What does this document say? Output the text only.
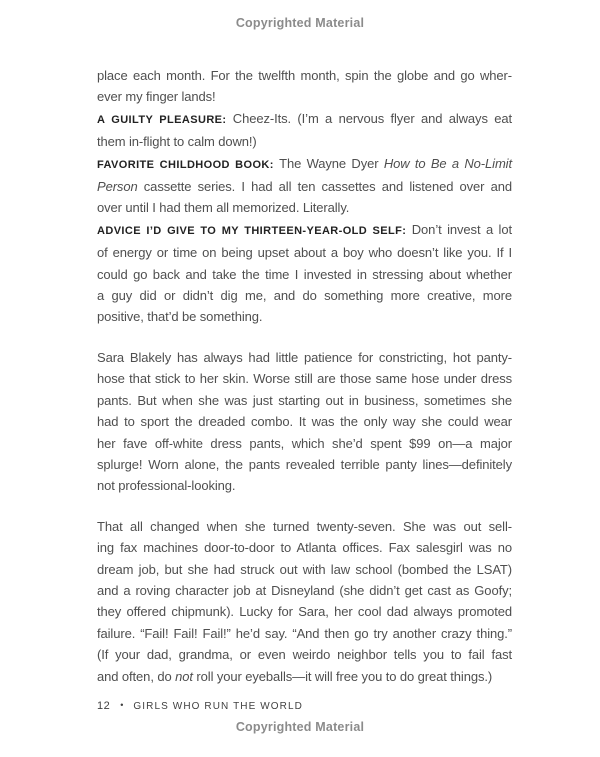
Copyrighted Material
place each month. For the twelfth month, spin the globe and go wher-
ever my finger lands!
A GUILTY PLEASURE: Cheez-Its. (I’m a nervous flyer and always eat
them in-flight to calm down!)
FAVORITE CHILDHOOD BOOK: The Wayne Dyer How to Be a No-Limit
Person cassette series. I had all ten cassettes and listened over and
over until I had them all memorized. Literally.
ADVICE I’D GIVE TO MY THIRTEEN-YEAR-OLD SELF: Don’t invest a lot
of energy or time on being upset about a boy who doesn’t like you. If I
could go back and take the time I invested in stressing about whether
a guy did or didn’t dig me, and do something more creative, more
positive, that’d be something.
Sara Blakely has always had little patience for constricting, hot panty-
hose that stick to her skin. Worse still are those same hose under dress
pants. But when she was just starting out in business, sometimes she
had to sport the dreaded combo. It was the only way she could wear
her fave off-white dress pants, which she’d spent $99 on—a major
splurge! Worn alone, the pants revealed terrible panty lines—definitely
not professional-looking.
That all changed when she turned twenty-seven. She was out sell-
ing fax machines door-to-door to Atlanta offices. Fax salesgirl was no
dream job, but she had struck out with law school (bombed the LSAT)
and a roving character job at Disneyland (she didn’t get cast as Goofy;
they offered chipmunk). Lucky for Sara, her cool dad always promoted
failure. “Fail! Fail! Fail!” he’d say. “And then go try another crazy thing.”
(If your dad, grandma, or even weirdo neighbor tells you to fail fast
and often, do not roll your eyeballs—it will free you to do great things.)
12 • GIRLS WHO RUN THE WORLD
Copyrighted Material
